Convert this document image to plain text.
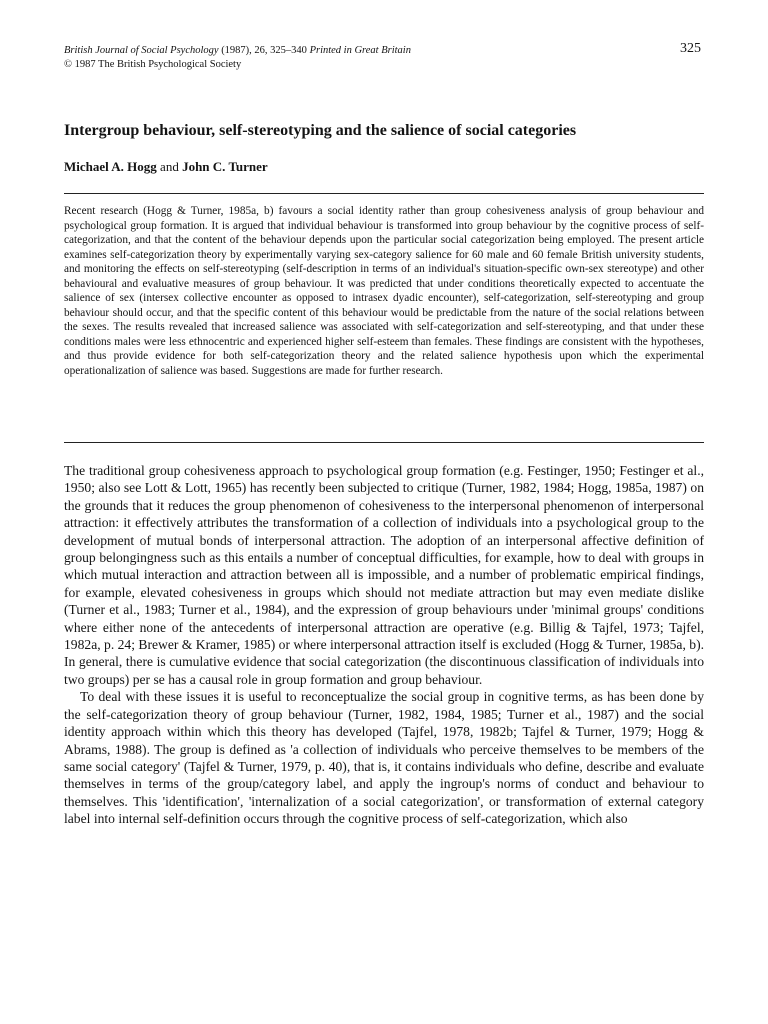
British Journal of Social Psychology (1987), 26, 325–340 Printed in Great Britain
© 1987 The British Psychological Society
325
Intergroup behaviour, self-stereotyping and the salience of social categories
Michael A. Hogg and John C. Turner
Recent research (Hogg & Turner, 1985a, b) favours a social identity rather than group cohesiveness analysis of group behaviour and psychological group formation. It is argued that individual behaviour is transformed into group behaviour by the cognitive process of self-categorization, and that the content of the behaviour depends upon the particular social categorization being employed. The present article examines self-categorization theory by experimentally varying sex-category salience for 60 male and 60 female British university students, and monitoring the effects on self-stereotyping (self-description in terms of an individual's situation-specific own-sex stereotype) and other behavioural and evaluative measures of group behaviour. It was predicted that under conditions theoretically expected to accentuate the salience of sex (intersex collective encounter as opposed to intrasex dyadic encounter), self-categorization, self-stereotyping and group behaviour should occur, and that the specific content of this behaviour would be predictable from the nature of the social relations between the sexes. The results revealed that increased salience was associated with self-categorization and self-stereotyping, and that under these conditions males were less ethnocentric and experienced higher self-esteem than females. These findings are consistent with the hypotheses, and thus provide evidence for both self-categorization theory and the related salience hypothesis upon which the experimental operationalization of salience was based. Suggestions are made for further research.

The traditional group cohesiveness approach to psychological group formation (e.g. Festinger, 1950; Festinger et al., 1950; also see Lott & Lott, 1965) has recently been subjected to critique (Turner, 1982, 1984; Hogg, 1985a, 1987) on the grounds that it reduces the group phenomenon of cohesiveness to the interpersonal phenomenon of interpersonal attraction: it effectively attributes the transformation of a collection of individuals into a psychological group to the development of mutual bonds of interpersonal attraction. The adoption of an interpersonal affective definition of group belongingness such as this entails a number of conceptual difficulties, for example, how to deal with groups in which mutual interaction and attraction between all is impossible, and a number of problematic empirical findings, for example, elevated cohesiveness in groups which should not mediate attraction but may even mediate dislike (Turner et al., 1983; Turner et al., 1984), and the expression of group behaviours under 'minimal groups' conditions where either none of the antecedents of interpersonal attraction are operative (e.g. Billig & Tajfel, 1973; Tajfel, 1982a, p. 24; Brewer & Kramer, 1985) or where interpersonal attraction itself is excluded (Hogg & Turner, 1985a, b). In general, there is cumulative evidence that social categorization (the discontinuous classification of individuals into two groups) per se has a causal role in group formation and group behaviour.

To deal with these issues it is useful to reconceptualize the social group in cognitive terms, as has been done by the self-categorization theory of group behaviour (Turner, 1982, 1984, 1985; Turner et al., 1987) and the social identity approach within which this theory has developed (Tajfel, 1978, 1982b; Tajfel & Turner, 1979; Hogg & Abrams, 1988). The group is defined as 'a collection of individuals who perceive themselves to be members of the same social category' (Tajfel & Turner, 1979, p. 40), that is, it contains individuals who define, describe and evaluate themselves in terms of the group/category label, and apply the ingroup's norms of conduct and behaviour to themselves. This 'identification', 'internalization of a social categorization', or transformation of external category label into internal self-definition occurs through the cognitive process of self-categorization, which also
